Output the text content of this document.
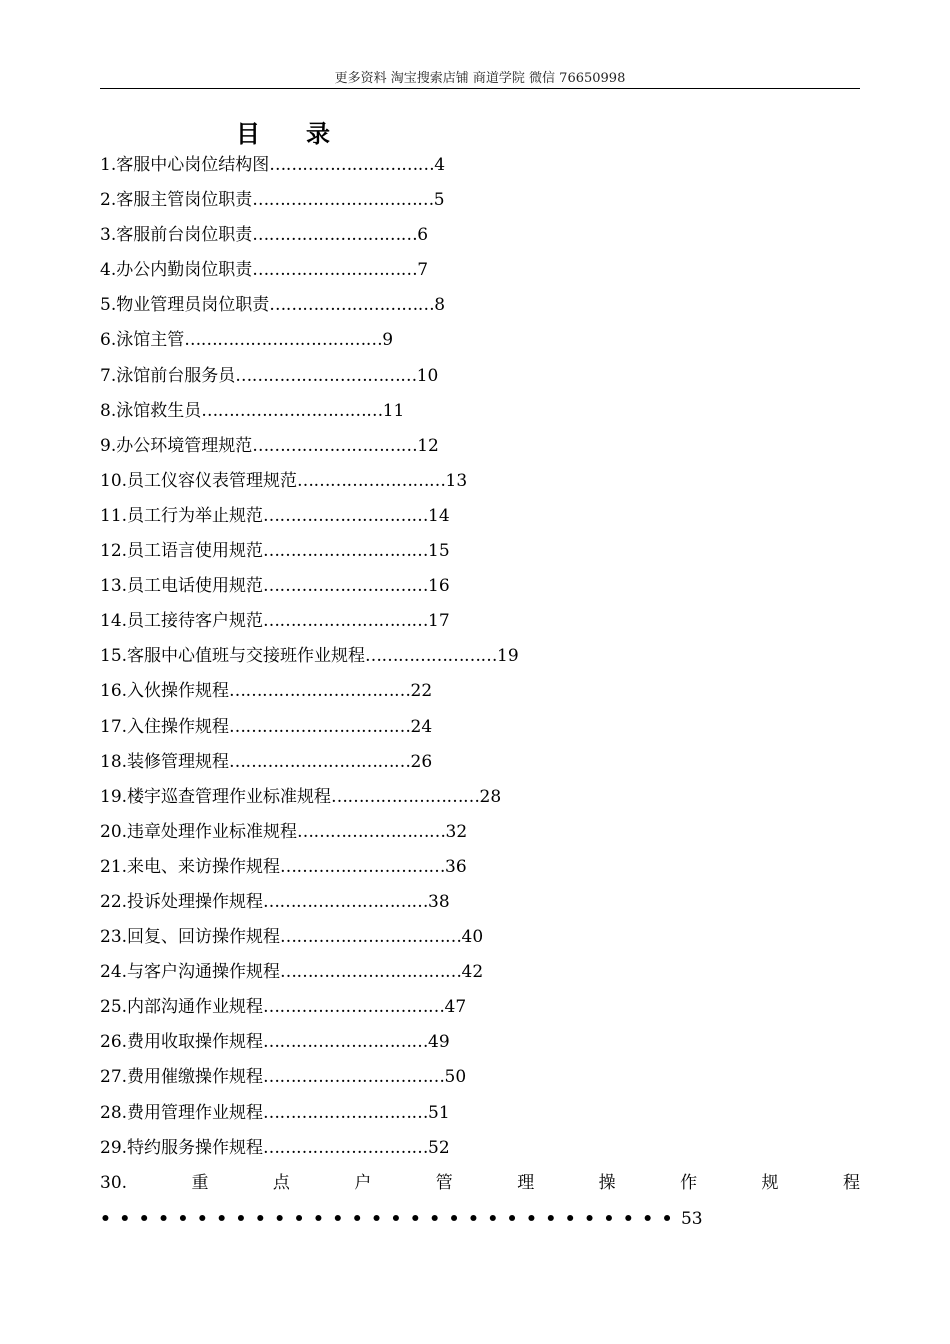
更多资料 淘宝搜索店铺 商道学院 微信 76650998
目 录
1.客服中心岗位结构图…………………………4
2.客服主管岗位职责……………………………5
3.客服前台岗位职责…………………………6
4.办公内勤岗位职责…………………………7
5.物业管理员岗位职责…………………………8
6.泳馆主管………………………………9
7.泳馆前台服务员……………………………10
8.泳馆救生员……………………………11
9.办公环境管理规范…………………………12
10.员工仪容仪表管理规范………………………13
11.员工行为举止规范…………………………14
12.员工语言使用规范…………………………15
13.员工电话使用规范…………………………16
14.员工接待客户规范…………………………17
15.客服中心值班与交接班作业规程……………………19
16.入伙操作规程……………………………22
17.入住操作规程……………………………24
18.装修管理规程……………………………26
19.楼宇巡查管理作业标准规程………………………28
20.违章处理作业标准规程………………………32
21.来电、来访操作规程…………………………36
22.投诉处理操作规程…………………………38
23.回复、回访操作规程……………………………40
24.与客户沟通操作规程……………………………42
25.内部沟通作业规程……………………………47
26.费用收取操作规程…………………………49
27.费用催缴操作规程……………………………50
28.费用管理作业规程…………………………51
29.特约服务操作规程…………………………52
30.	重	点	户	管	理	操	作	规	程
••••••••••••••••••••••••••••••53
